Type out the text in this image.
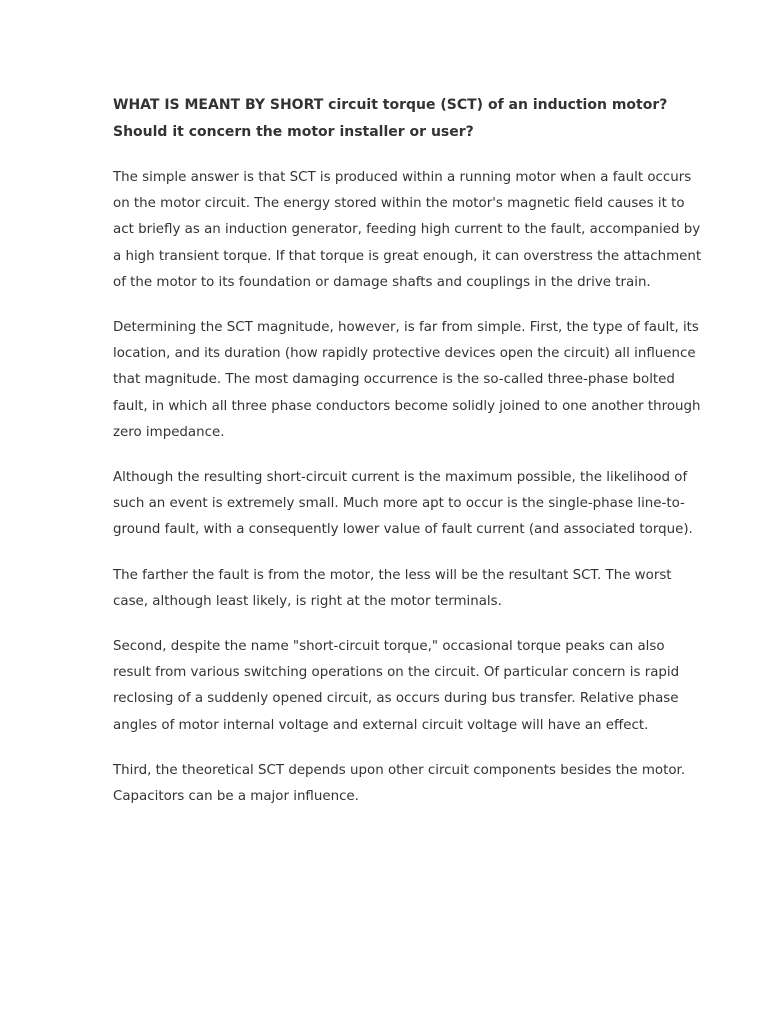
WHAT IS MEANT BY SHORT circuit torque (SCT) of an induction motor? Should it concern the motor installer or user?

The simple answer is that SCT is produced within a running motor when a fault occurs on the motor circuit. The energy stored within the motor's magnetic field causes it to act briefly as an induction generator, feeding high current to the fault, accompanied by a high transient torque. If that torque is great enough, it can overstress the attachment of the motor to its foundation or damage shafts and couplings in the drive train.

Determining the SCT magnitude, however, is far from simple. First, the type of fault, its location, and its duration (how rapidly protective devices open the circuit) all influence that magnitude. The most damaging occurrence is the so-called three-phase bolted fault, in which all three phase conductors become solidly joined to one another through zero impedance.

Although the resulting short-circuit current is the maximum possible, the likelihood of such an event is extremely small. Much more apt to occur is the single-phase line-to-ground fault, with a consequently lower value of fault current (and associated torque).

The farther the fault is from the motor, the less will be the resultant SCT. The worst case, although least likely, is right at the motor terminals.

Second, despite the name "short-circuit torque," occasional torque peaks can also result from various switching operations on the circuit. Of particular concern is rapid reclosing of a suddenly opened circuit, as occurs during bus transfer. Relative phase angles of motor internal voltage and external circuit voltage will have an effect.

Third, the theoretical SCT depends upon other circuit components besides the motor. Capacitors can be a major influence.
